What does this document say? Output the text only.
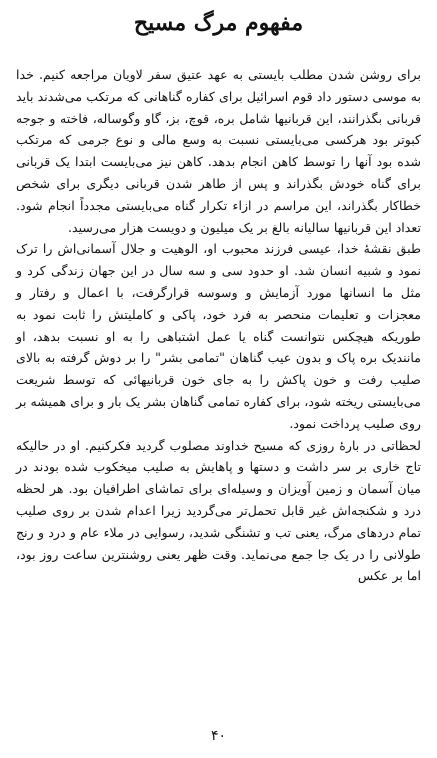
مفهوم مرگ مسیح

برای روشن شدن مطلب بایستی به عهد عتیق سفر لاویان مراجعه کنیم. خدا به موسی دستور داد قوم اسرائیل برای کفاره گناهانی که مرتکب می‌شدند باید قربانی بگذرانند، این قربانیها شامل بره، قوچ، بز، گاو وگوساله، فاخته و جوجه کبوتر بود هرکسی می‌بایستی نسبت به وسع مالی و نوع جرمی که مرتکب شده بود آنها را توسط کاهن انجام بدهد. کاهن نیز می‌بایست ابتدا یک قربانی برای گناه خودش بگذراند و پس از طاهر شدن قربانی دیگری برای شخص خطاکار بگذراند، این مراسم در ازاء تکرار گناه می‌بایستی مجدداً انجام شود. تعداد این قربانیها سالیانه بالغ بر یک میلیون و دویست هزار می‌رسید.

طبق نقشهٔ خدا، عیسی فرزند محبوب او، الوهیت و جلال آسمانی‌اش را ترک نمود و شبیه انسان شد. او حدود سی و سه سال در این جهان زندگی کرد و مثل ما انسانها مورد آزمایش و وسوسه قرارگرفت، با اعمال و رفتار و معجزات و تعلیمات منحصر به فرد خود، پاکی و کاملیتش را ثابت نمود به طوریکه هیچکس نتوانست گناه یا عمل اشتباهی را به او نسبت بدهد، او مانندیک بره پاک و بدون عیب گناهان "تمامی بشر" را بر دوش گرفته به بالای صلیب رفت و خون پاکش را به جای خون قربانیهائی که توسط شریعت می‌بایستی ریخته شود، برای کفاره تمامی گناهان بشر یک بار و برای همیشه بر روی صلیب پرداخت نمود.

لحظاتی در بارهٔ روزی که مسیح خداوند مصلوب گردید فکرکنیم. او در حالیکه تاج خاری بر سر داشت و دستها و پاهایش به صلیب میخکوب شده بودند در میان آسمان و زمین آویزان و وسیله‌ای برای تماشای اطرافیان بود. هر لحظه درد و شکنجه‌اش غیر قابل تحمل‌تر می‌گردید زیرا اعدام شدن بر روی صلیب تمام دردهای مرگ، یعنی تب و تشنگی شدید، رسوایی در ملاء عام و درد و رنج طولانی را در یک جا جمع می‌نماید. وقت ظهر یعنی روشنترین ساعت روز بود، اما بر عکس

۴۰
